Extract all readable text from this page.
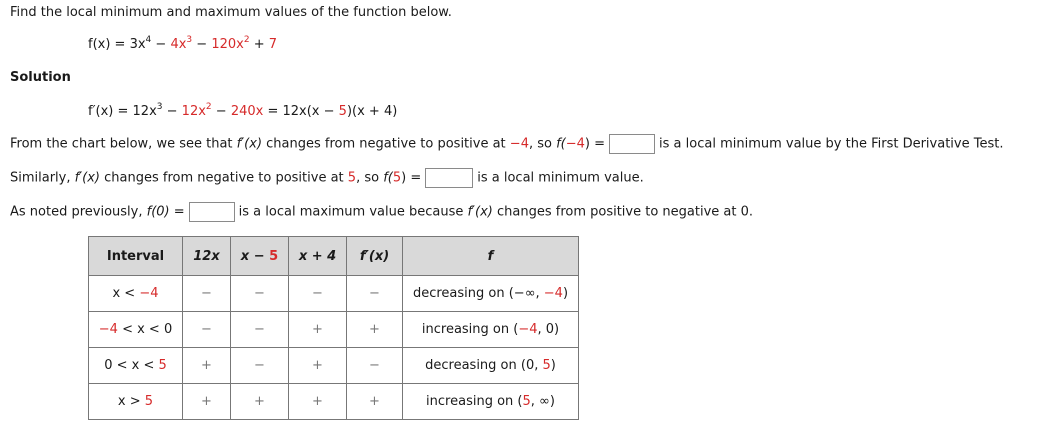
Find the local minimum and maximum values of the function below.
$f(x) = 3x^4 - 4x^3 - 120x^2 + 7$
Solution
$f'(x) = 12x^3 - 12x^2 - 240x = 12x(x - 5)(x + 4)$
From the chart below, we see that f′(x) changes from negative to positive at −4, so f(−4) =	is a local minimum value by the First Derivative Test.
Similarly, f′(x) changes from negative to positive at 5, so f(5) =	is a local minimum value.
As noted previously, f(0) =	is a local maximum value because f′(x) changes from positive to negative at 0.
Interval	12x	x − 5	x + 4	f′(x)	f
x < −4	−	−	−	−	decreasing on (−∞, −4)
−4 < x < 0	−	−	+	+	increasing on (−4, 0)
0 < x < 5	+	−	+	−	decreasing on (0, 5)
x > 5	+	+	+	+	increasing on (5, ∞)
